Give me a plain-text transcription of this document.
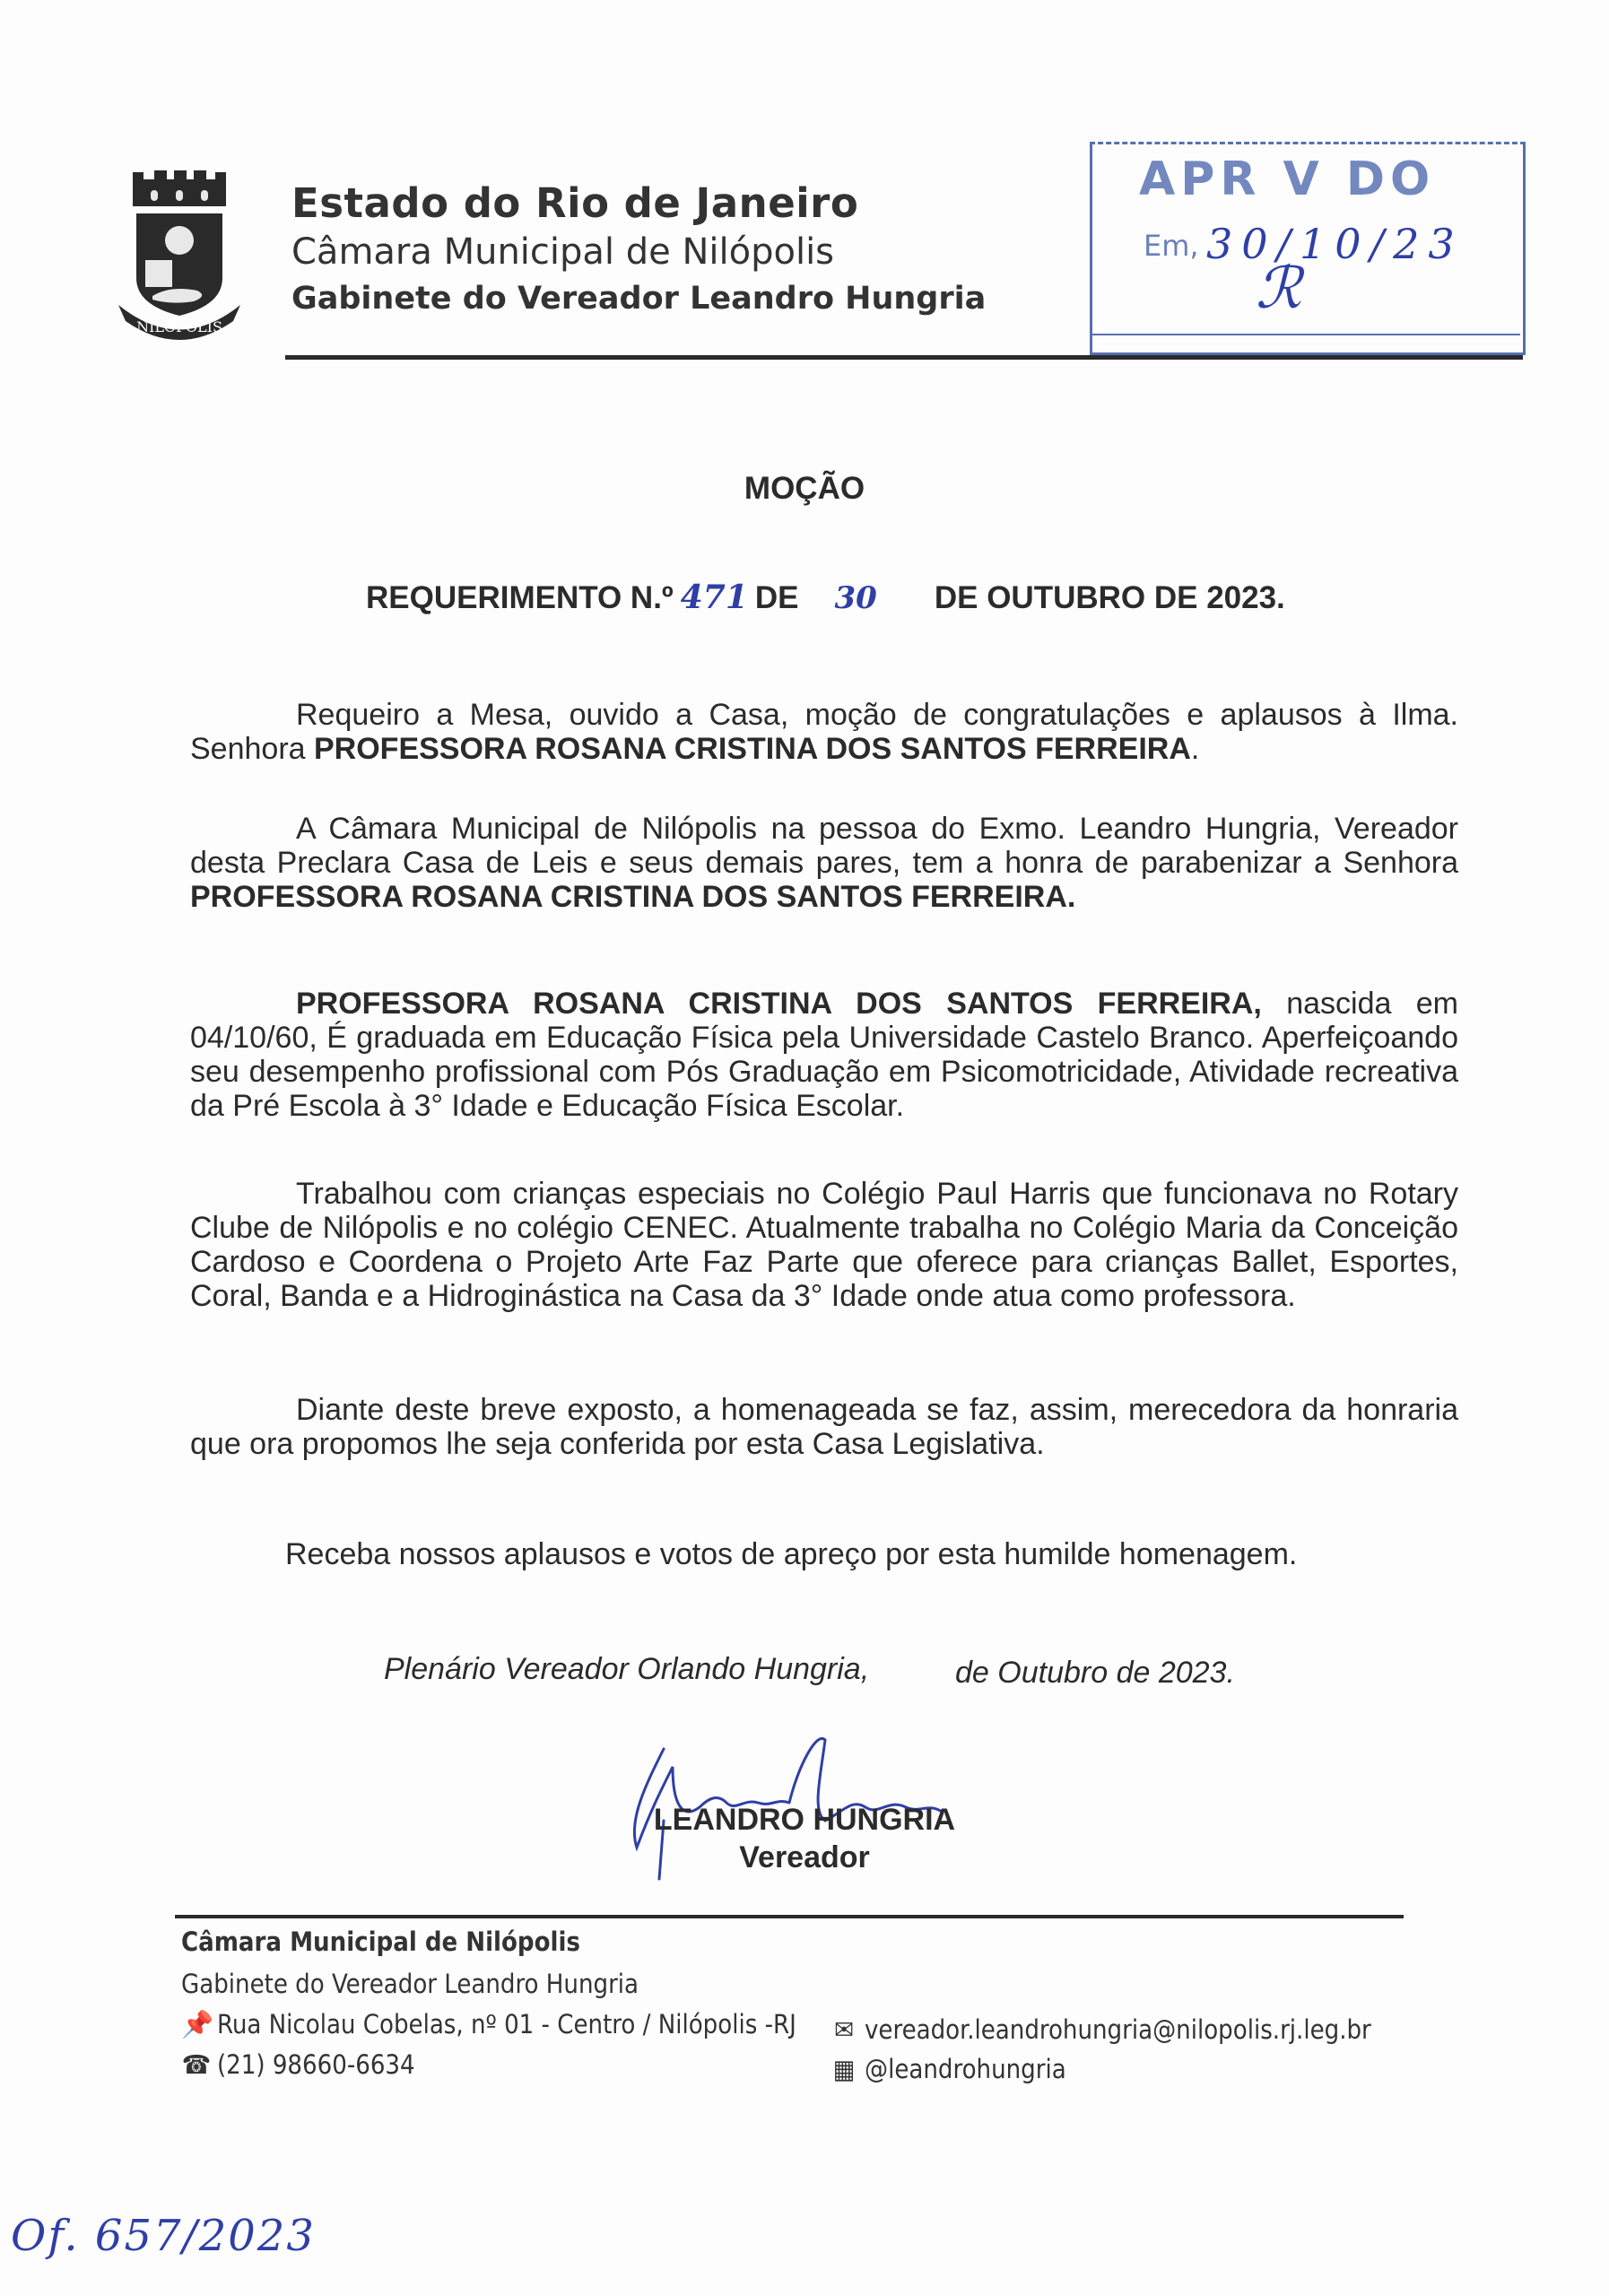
NILOPOLIS
Estado do Rio de Janeiro
Câmara Municipal de Nilópolis
Gabinete do Vereador Leandro Hungria
APR V DO
Em, 30/10/23
ℛ
MOÇÃO
REQUERIMENTO N.º 471 DE 30 DE OUTUBRO DE 2023.
Requeiro a Mesa, ouvido a Casa, moção de congratulações e aplausos à Ilma. Senhora PROFESSORA ROSANA CRISTINA DOS SANTOS FERREIRA.
A Câmara Municipal de Nilópolis na pessoa do Exmo. Leandro Hungria, Vereador desta Preclara Casa de Leis e seus demais pares, tem a honra de parabenizar a Senhora PROFESSORA ROSANA CRISTINA DOS SANTOS FERREIRA.
PROFESSORA ROSANA CRISTINA DOS SANTOS FERREIRA, nascida em 04/10/60, É graduada em Educação Física pela Universidade Castelo Branco. Aperfeiçoando seu desempenho profissional com Pós Graduação em Psicomotricidade, Atividade recreativa da Pré Escola à 3° Idade e Educação Física Escolar.
Trabalhou com crianças especiais no Colégio Paul Harris que funcionava no Rotary Clube de Nilópolis e no colégio CENEC. Atualmente trabalha no Colégio Maria da Conceição Cardoso e Coordena o Projeto Arte Faz Parte que oferece para crianças Ballet, Esportes, Coral, Banda e a Hidroginástica na Casa da 3° Idade onde atua como professora.
Diante deste breve exposto, a homenageada se faz, assim, merecedora da honraria que ora propomos lhe seja conferida por esta Casa Legislativa.
Receba nossos aplausos e votos de apreço por esta humilde homenagem.
Plenário Vereador Orlando Hungria,	de Outubro de 2023.
LEANDRO HUNGRIA
Vereador
Câmara Municipal de Nilópolis
Gabinete do Vereador Leandro Hungria
📌 Rua Nicolau Cobelas, nº 01 - Centro / Nilópolis -RJ
☎ (21) 98660-6634
✉ vereador.leandrohungria@nilopolis.rj.leg.br
▦ @leandrohungria
Of. 657/2023
